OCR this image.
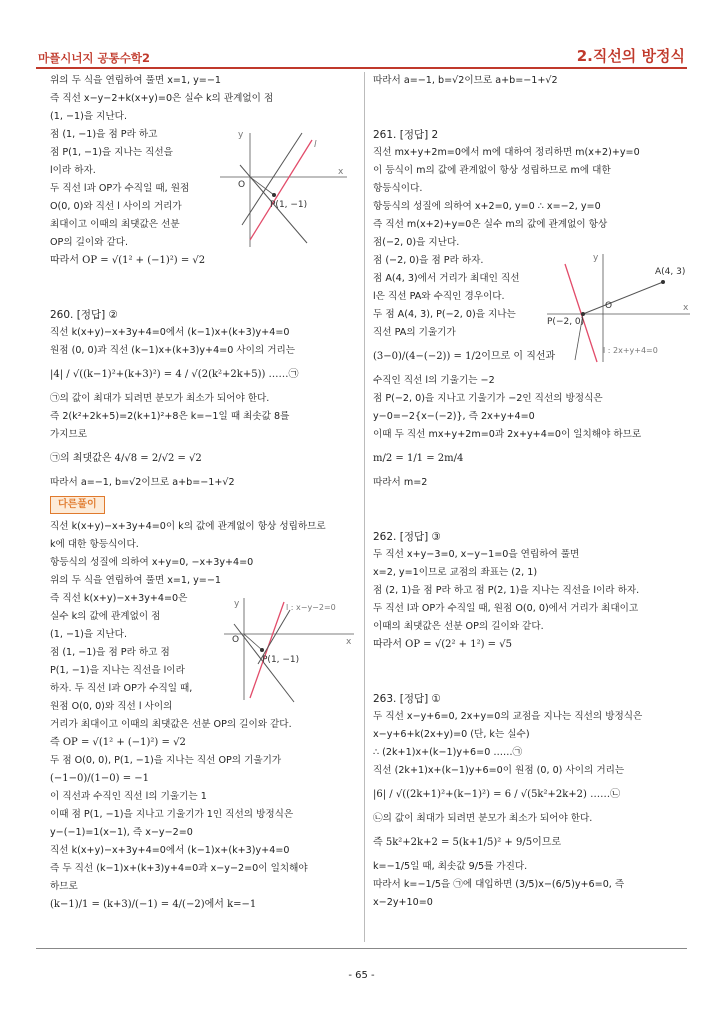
마플시너지 공통수학2	2.직선의 방정식
위의 두 식을 연립하여 풀면 x=1, y=−1
즉 직선 x−y−2+k(x+y)=0은 실수 k의 관계없이 점
(1, −1)을 지난다.
점 (1, −1)을 점 P라 하고
점 P(1, −1)을 지나는 직선을
l이라 하자.
두 직선 l과 OP가 수직일 때, 원점
O(0, 0)와 직선 l 사이의 거리가
최대이고 이때의 최댓값은 선분
OP의 길이와 같다.
따라서 OP = √(1² + (−1)²) = √2
260. [정답] ②
직선 k(x+y)−x+3y+4=0에서 (k−1)x+(k+3)y+4=0
원점 (0, 0)과 직선 (k−1)x+(k+3)y+4=0 사이의 거리는
|4| / √((k−1)²+(k+3)²) = 4 / √(2(k²+2k+5)) ……㉠
㉠의 값이 최대가 되려면 분모가 최소가 되어야 한다.
즉 2(k²+2k+5)=2(k+1)²+8은 k=−1일 때 최솟값 8를
가지므로
㉠의 최댓값은 4/√8 = 2/√2 = √2
따라서 a=−1, b=√2이므로 a+b=−1+√2
다른풀이
직선 k(x+y)−x+3y+4=0이 k의 값에 관계없이 항상 성립하므로
k에 대한 항등식이다.
항등식의 성질에 의하여 x+y=0, −x+3y+4=0
위의 두 식을 연립하여 풀면 x=1, y=−1
즉 직선 k(x+y)−x+3y+4=0은
실수 k의 값에 관계없이 점
(1, −1)을 지난다.
점 (1, −1)을 점 P라 하고 점
P(1, −1)을 지나는 직선을 l이라
하자. 두 직선 l과 OP가 수직일 때,
원점 O(0, 0)와 직선 l 사이의
거리가 최대이고 이때의 최댓값은 선분 OP의 길이와 같다.
즉 OP = √(1² + (−1)²) = √2
두 점 O(0, 0), P(1, −1)을 지나는 직선 OP의 기울기가
(−1−0)/(1−0) = −1
이 직선과 수직인 직선 l의 기울기는 1
이때 점 P(1, −1)을 지나고 기울기가 1인 직선의 방정식은
y−(−1)=1(x−1), 즉 x−y−2=0
직선 k(x+y)−x+3y+4=0에서 (k−1)x+(k+3)y+4=0
즉 두 직선 (k−1)x+(k+3)y+4=0과 x−y−2=0이 일치해야
하므로
(k−1)/1 = (k+3)/(−1) = 4/(−2)에서 k=−1
따라서 a=−1, b=√2이므로 a+b=−1+√2
261. [정답] 2
직선 mx+y+2m=0에서 m에 대하여 정리하면 m(x+2)+y=0
이 등식이 m의 값에 관계없이 항상 성립하므로 m에 대한
항등식이다.
항등식의 성질에 의하여 x+2=0, y=0 ∴ x=−2, y=0
즉 직선 m(x+2)+y=0은 실수 m의 값에 관계없이 항상
점(−2, 0)을 지난다.
점 (−2, 0)을 점 P라 하자.
점 A(4, 3)에서 거리가 최대인 직선
l은 직선 PA와 수직인 경우이다.
두 점 A(4, 3), P(−2, 0)을 지나는
직선 PA의 기울기가
(3−0)/(4−(−2)) = 1/2이므로 이 직선과
수직인 직선 l의 기울기는 −2
점 P(−2, 0)을 지나고 기울기가 −2인 직선의 방정식은
y−0=−2{x−(−2)}, 즉 2x+y+4=0
이때 두 직선 mx+y+2m=0과 2x+y+4=0이 일치해야 하므로
m/2 = 1/1 = 2m/4
따라서 m=2
262. [정답] ③
두 직선 x+y−3=0, x−y−1=0을 연립하여 풀면
x=2, y=1이므로 교점의 좌표는 (2, 1)
점 (2, 1)을 점 P라 하고 점 P(2, 1)을 지나는 직선을 l이라 하자.
두 직선 l과 OP가 수직일 때, 원점 O(0, 0)에서 거리가 최대이고
이때의 최댓값은 선분 OP의 길이와 같다.
따라서 OP = √(2² + 1²) = √5
263. [정답] ①
두 직선 x−y+6=0, 2x+y=0의 교점을 지나는 직선의 방정식은
x−y+6+k(2x+y)=0 (단, k는 실수)
∴ (2k+1)x+(k−1)y+6=0 ……㉠
직선 (2k+1)x+(k−1)y+6=0이 원점 (0, 0) 사이의 거리는
|6| / √((2k+1)²+(k−1)²) = 6 / √(5k²+2k+2) ……㉡
㉡의 값이 최대가 되려면 분모가 최소가 되어야 한다.
즉 5k²+2k+2 = 5(k+1/5)² + 9/5이므로
k=−1/5일 때, 최솟값 9/5를 가진다.
따라서 k=−1/5을 ㉠에 대입하면 (3/5)x−(6/5)y+6=0, 즉
x−2y+10=0
y
x
O
P(1, −1)
l
y
x
O
A(4, 3)
P(−2, 0)
l : 2x+y+4=0
y
x
O
P(1, −1)
l : x−y−2=0
- 65 -
